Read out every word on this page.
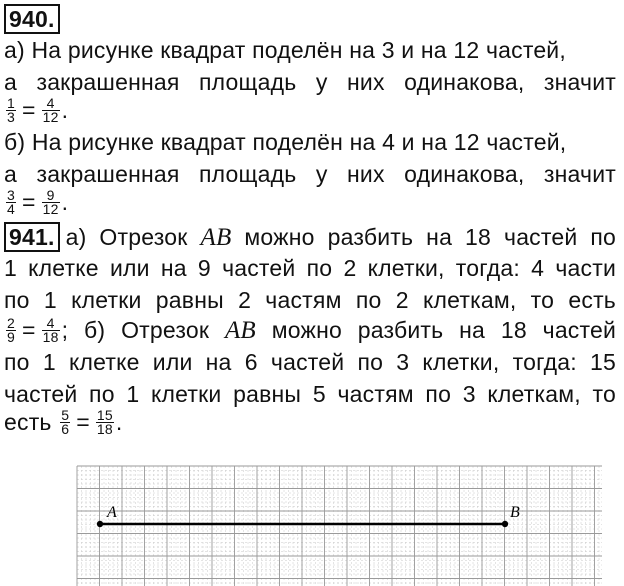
940.
а) На рисунке квадрат поделён на 3 и на 12 частей,
а закрашенная площадь у них одинакова, значит
$\frac{1}{3} = \frac{4}{12}$ .
б) На рисунке квадрат поделён на 4 и на 12 частей,
а закрашенная площадь у них одинакова, значит
$\frac{3}{4} = \frac{9}{12}$ .
941. а) Отрезок AB можно разбить на 18 частей по
1 клетке или на 9 частей по 2 клетки, тогда: 4 части
по 1 клетки равны 2 частям по 2 клеткам, то есть
$\frac{2}{9} = \frac{4}{18}$ ; б) Отрезок AB можно разбить на 18 частей
по 1 клетке или на 6 частей по 3 клетки, тогда: 15
частей по 1 клетки равны 5 частям по 3 клеткам, то
есть $\frac{5}{6} = \frac{15}{18}$ .
A	B
